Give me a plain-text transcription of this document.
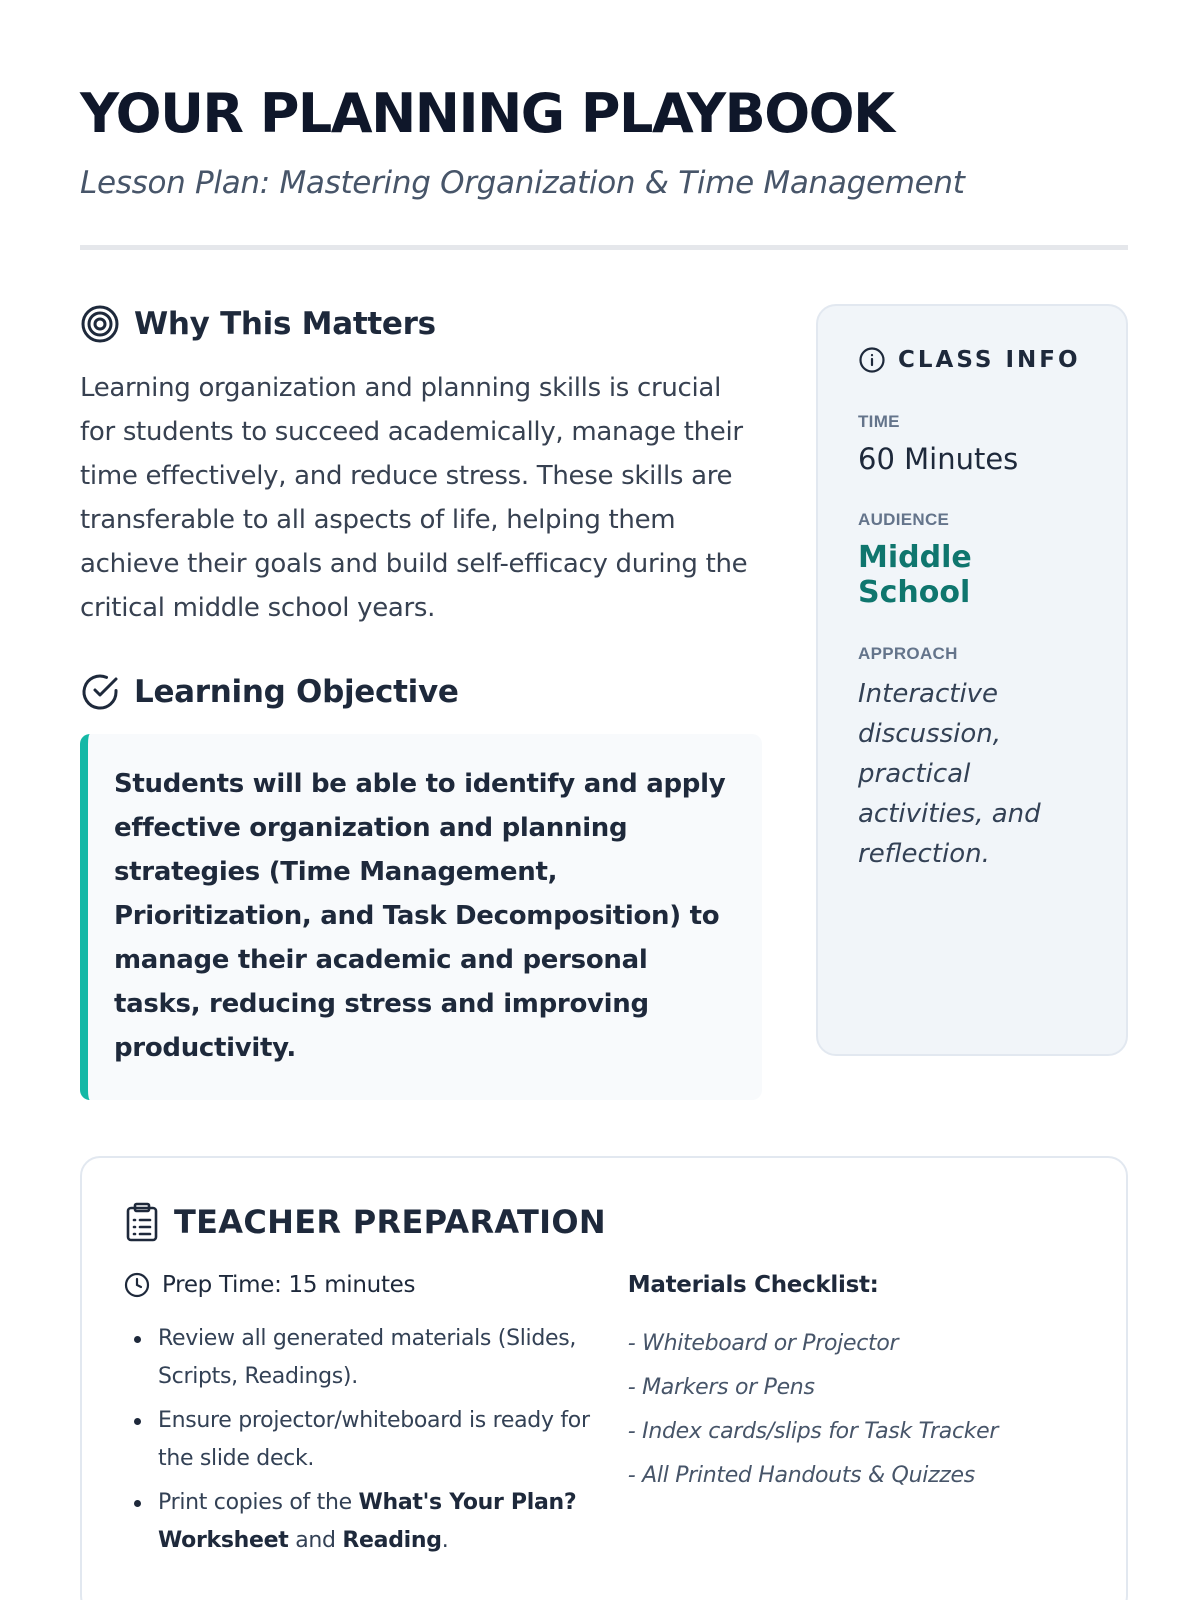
YOUR PLANNING PLAYBOOK
Lesson Plan: Mastering Organization & Time Management
Why This Matters

Learning organization and planning skills is crucial for students to succeed academically, manage their time effectively, and reduce stress. These skills are transferable to all aspects of life, helping them achieve their goals and build self-efficacy during the critical middle school years.

Learning Objective

Students will be able to identify and apply effective organization and planning strategies (Time Management, Prioritization, and Task Decomposition) to manage their academic and personal tasks, reducing stress and improving productivity.

CLASS INFO
TIME
60 Minutes
AUDIENCE
Middle School
APPROACH
Interactive discussion, practical activities, and reflection.
TEACHER PREPARATION
Prep Time: 15 minutes
Review all generated materials (Slides, Scripts, Readings).
Ensure projector/whiteboard is ready for the slide deck.
Print copies of the What's Your Plan? Worksheet and Reading.
Materials Checklist:
- Whiteboard or Projector
- Markers or Pens
- Index cards/slips for Task Tracker
- All Printed Handouts & Quizzes
